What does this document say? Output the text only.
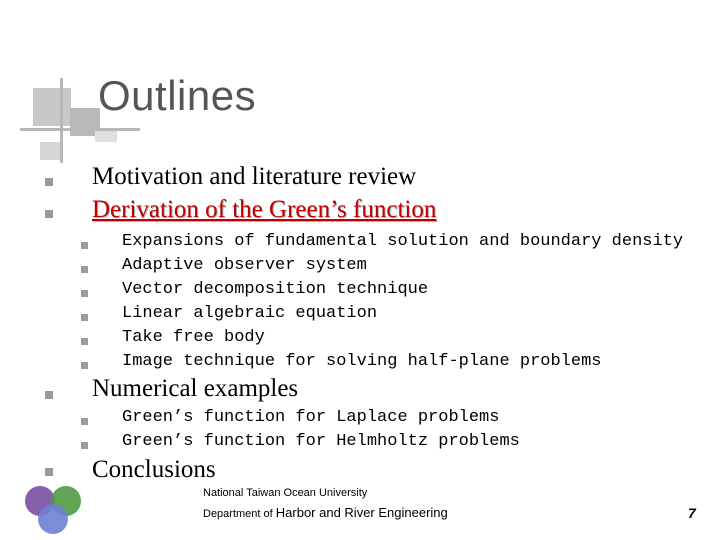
Outlines
Motivation and literature review
Derivation of the Green’s function
Expansions of fundamental solution and boundary density
Adaptive observer system
Vector decomposition technique
Linear algebraic equation
Take free body
Image technique for solving half-plane problems
Numerical examples
Green’s function for Laplace problems
Green’s function for Helmholtz problems
Conclusions
National Taiwan Ocean University
Department of Harbor and River Engineering	7
